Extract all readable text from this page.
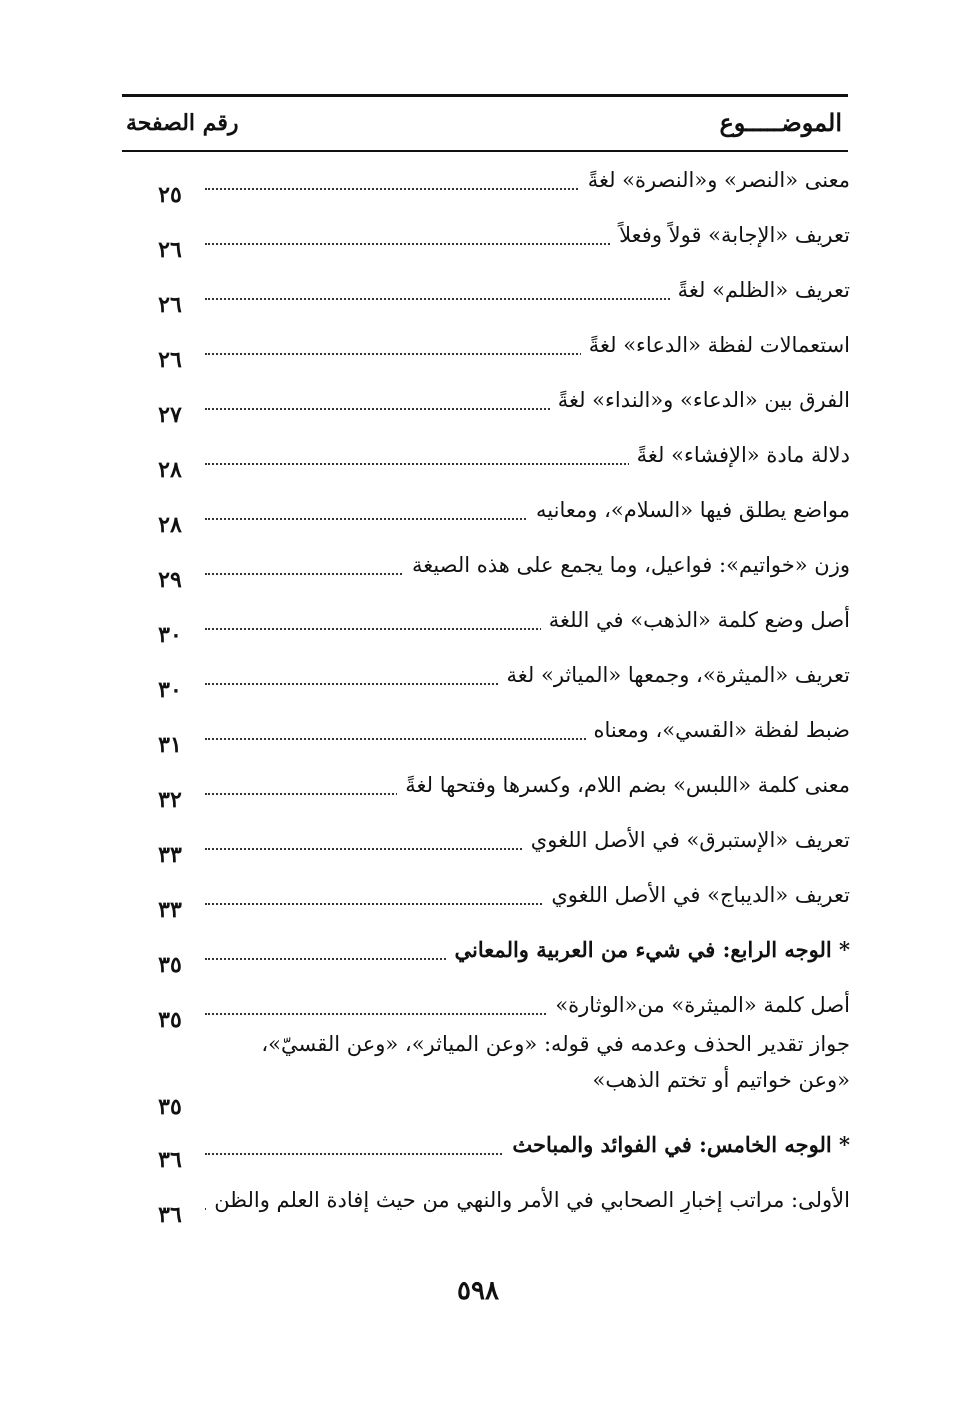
الموضـــــوع
رقم الصفحة
معنى «النصر» و«النصرة» لغةً
٢٥
تعريف «الإجابة» قولاً وفعلاً
٢٦
تعريف «الظلم» لغةً
٢٦
استعمالات لفظة «الدعاء» لغةً
٢٦
الفرق بين «الدعاء» و«النداء» لغةً
٢٧
دلالة مادة «الإفشاء» لغةً
٢٨
مواضع يطلق فيها «السلام»، ومعانيه
٢٨
وزن «خواتيم»: فواعيل، وما يجمع على هذه الصيغة
٢٩
أصل وضع كلمة «الذهب» في اللغة
٣٠
تعريف «الميثرة»، وجمعها «المياثر» لغة
٣٠
ضبط لفظة «القسي»، ومعناه
٣١
معنى كلمة «اللبس» بضم اللام، وكسرها وفتحها لغةً
٣٢
تعريف «الإستبرق» في الأصل اللغوي
٣٣
تعريف «الديباج» في الأصل اللغوي
٣٣
* الوجه الرابع: في شيء من العربية والمعاني
٣٥
أصل كلمة «الميثرة» من«الوثارة»
٣٥
جواز تقدير الحذف وعدمه في قوله: «وعن المياثر»، «وعن القسيّ»، «وعن خواتيم أو تختم الذهب»
٣٥
* الوجه الخامس: في الفوائد والمباحث
٣٦
الأولى: مراتب إخبارِ الصحابي في الأمر والنهي من حيث إفادة العلم والظن
٣٦
٥٩٨
